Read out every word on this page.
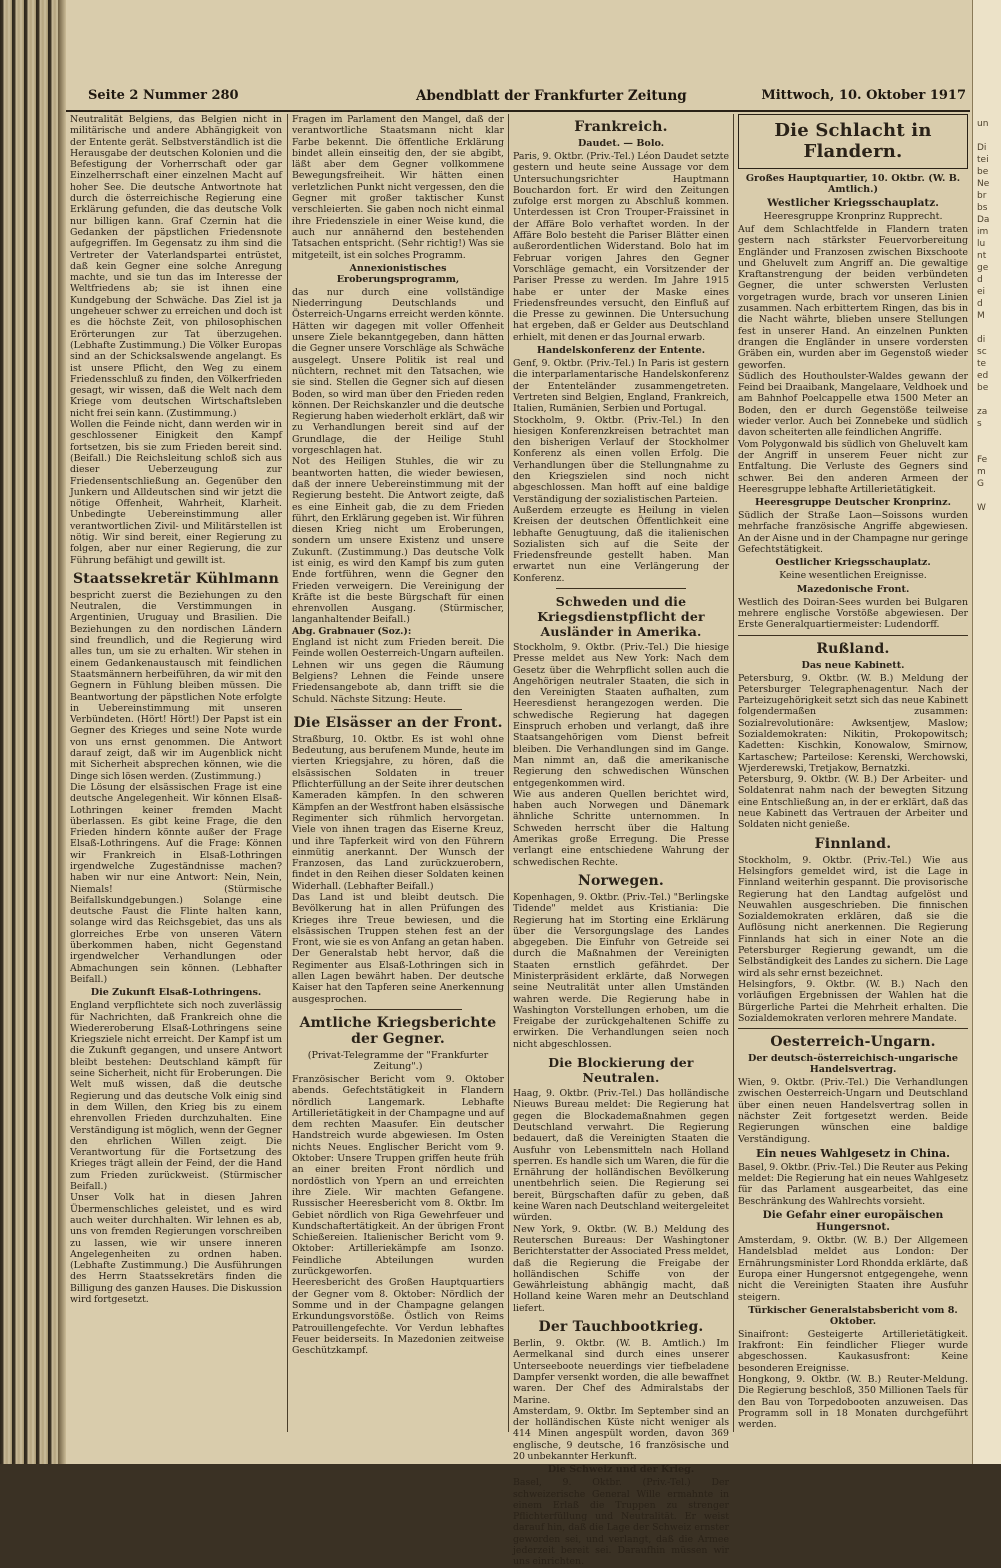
un

Di
tei
be
Ne
br
bs
Da
im
lu
nt
ge
d
ei
d
M

di
sc
te
ed
be

za
s

Fe
m
G

W
Seite 2 Nummer 280	Abendblatt der Frankfurter Zeitung	Mittwoch, 10. Oktober 1917

Neutralität Belgiens, das Belgien nicht in militärische und andere Abhängigkeit von der Entente gerät. Selbstverständlich ist die Herausgabe der deutschen Kolonien und die Befestigung der Vorherrschaft oder gar Einzelherrschaft einer einzelnen Macht auf hoher See. Die deutsche Antwortnote hat durch die österreichische Regierung eine Erklärung gefunden, die das deutsche Volk nur billigen kann. Graf Czernin hat die Gedanken der päpstlichen Friedensnote aufgegriffen. Im Gegensatz zu ihm sind die Vertreter der Vaterlandspartei entrüstet, daß kein Gegner eine solche Anregung machte, und sie tun das im Interesse der Weltfriedens ab; sie ist ihnen eine Kundgebung der Schwäche. Das Ziel ist ja ungeheuer schwer zu erreichen und doch ist es die höchste Zeit, von philosophischen Erörterungen zur Tat überzugehen. (Lebhafte Zustimmung.) Die Völker Europas sind an der Schicksalswende angelangt. Es ist unsere Pflicht, den Weg zu einem Friedensschluß zu finden, den Völkerfrieden gesagt, wir wissen, daß die Welt nach dem Kriege vom deutschen Wirtschaftsleben nicht frei sein kann. (Zustimmung.)

Wollen die Feinde nicht, dann werden wir in geschlossener Einigkeit den Kampf fortsetzen, bis sie zum Frieden bereit sind. (Beifall.) Die Reichsleitung schloß sich aus dieser Ueberzeugung zur Friedensentschließung an. Gegenüber den Junkern und Alldeutschen sind wir jetzt die nötige Offenheit, Wahrheit, Klarheit. Unbedingte Uebereinstimmung aller verantwortlichen Zivil- und Militärstellen ist nötig. Wir sind bereit, einer Regierung zu folgen, aber nur einer Regierung, die zur Führung befähigt und gewillt ist.

Staatssekretär Kühlmann

bespricht zuerst die Beziehungen zu den Neutralen, die Verstimmungen in Argentinien, Uruguay und Brasilien. Die Beziehungen zu den nordischen Ländern sind freundlich, und die Regierung wird alles tun, um sie zu erhalten. Wir stehen in einem Gedankenaustausch mit feindlichen Staatsmännern herbeiführen, da wir mit den Gegnern in Fühlung bleiben müssen. Die Beantwortung der päpstlichen Note erfolgte in Uebereinstimmung mit unseren Verbündeten. (Hört! Hört!) Der Papst ist ein Gegner des Krieges und seine Note wurde von uns ernst genommen. Die Antwort darauf zeigt, daß wir im Augenblick nicht mit Sicherheit absprechen können, wie die Dinge sich lösen werden. (Zustimmung.)

Die Lösung der elsässischen Frage ist eine deutsche Angelegenheit. Wir können Elsaß-Lothringen keiner fremden Macht überlassen. Es gibt keine Frage, die den Frieden hindern könnte außer der Frage Elsaß-Lothringens. Auf die Frage: Können wir Frankreich in Elsaß-Lothringen irgendwelche Zugeständnisse machen? haben wir nur eine Antwort: Nein, Nein, Niemals! (Stürmische Beifallskundgebungen.) Solange eine deutsche Faust die Flinte halten kann, solange wird das Reichsgebiet, das uns als glorreiches Erbe von unseren Vätern überkommen haben, nicht Gegenstand irgendwelcher Verhandlungen oder Abmachungen sein können. (Lebhafter Beifall.)

Die Zukunft Elsaß-Lothringens.

England verpflichtete sich noch zuverlässig für Nachrichten, daß Frankreich ohne die Wiedereroberung Elsaß-Lothringens seine Kriegsziele nicht erreicht. Der Kampf ist um die Zukunft gegangen, und unsere Antwort bleibt bestehen: Deutschland kämpft für seine Sicherheit, nicht für Eroberungen. Die Welt muß wissen, daß die deutsche Regierung und das deutsche Volk einig sind in dem Willen, den Krieg bis zu einem ehrenvollen Frieden durchzuhalten. Eine Verständigung ist möglich, wenn der Gegner den ehrlichen Willen zeigt. Die Verantwortung für die Fortsetzung des Krieges trägt allein der Feind, der die Hand zum Frieden zurückweist. (Stürmischer Beifall.)

Unser Volk hat in diesen Jahren Übermenschliches geleistet, und es wird auch weiter durchhalten. Wir lehnen es ab, uns von fremden Regierungen vorschreiben zu lassen, wie wir unsere inneren Angelegenheiten zu ordnen haben. (Lebhafte Zustimmung.) Die Ausführungen des Herrn Staatssekretärs finden die Billigung des ganzen Hauses. Die Diskussion wird fortgesetzt.

Fragen im Parlament den Mangel, daß der verantwortliche Staatsmann nicht klar Farbe bekennt. Die öffentliche Erklärung bindet allein einseitig den, der sie abgibt, läßt aber dem Gegner vollkommene Bewegungsfreiheit. Wir hätten einen verletzlichen Punkt nicht vergessen, den die Gegner mit großer taktischer Kunst verschleierten. Sie gaben noch nicht einmal ihre Friedensziele in einer Weise kund, die auch nur annähernd den bestehenden Tatsachen entspricht. (Sehr richtig!) Was sie mitgeteilt, ist ein solches Programm.

Annexionistisches Eroberungsprogramm,

das nur durch eine vollständige Niederringung Deutschlands und Österreich-Ungarns erreicht werden könnte. Hätten wir dagegen mit voller Offenheit unsere Ziele bekanntgegeben, dann hätten die Gegner unsere Vorschläge als Schwäche ausgelegt. Unsere Politik ist real und nüchtern, rechnet mit den Tatsachen, wie sie sind. Stellen die Gegner sich auf diesen Boden, so wird man über den Frieden reden können. Der Reichskanzler und die deutsche Regierung haben wiederholt erklärt, daß wir zu Verhandlungen bereit sind auf der Grundlage, die der Heilige Stuhl vorgeschlagen hat.

Not des Heiligen Stuhles, die wir zu beantworten hatten, die wieder bewiesen, daß der innere Uebereinstimmung mit der Regierung besteht. Die Antwort zeigte, daß es eine Einheit gab, die zu dem Frieden führt, den Erklärung gegeben ist. Wir führen diesen Krieg nicht um Eroberungen, sondern um unsere Existenz und unsere Zukunft. (Zustimmung.) Das deutsche Volk ist einig, es wird den Kampf bis zum guten Ende fortführen, wenn die Gegner den Frieden verweigern. Die Vereinigung der Kräfte ist die beste Bürgschaft für einen ehrenvollen Ausgang. (Stürmischer, langanhaltender Beifall.)

Abg. Grabnauer (Soz.):

England ist nicht zum Frieden bereit. Die Feinde wollen Oesterreich-Ungarn aufteilen. Lehnen wir uns gegen die Räumung Belgiens? Lehnen die Feinde unsere Friedensangebote ab, dann trifft sie die Schuld. Nächste Sitzung: Heute.

Die Elsässer an der Front.

Straßburg, 10. Oktbr. Es ist wohl ohne Bedeutung, aus berufenem Munde, heute im vierten Kriegsjahre, zu hören, daß die elsässischen Soldaten in treuer Pflichterfüllung an der Seite ihrer deutschen Kameraden kämpfen. In den schweren Kämpfen an der Westfront haben elsässische Regimenter sich rühmlich hervorgetan. Viele von ihnen tragen das Eiserne Kreuz, und ihre Tapferkeit wird von den Führern einmütig anerkannt. Der Wunsch der Franzosen, das Land zurückzuerobern, findet in den Reihen dieser Soldaten keinen Widerhall. (Lebhafter Beifall.)

Das Land ist und bleibt deutsch. Die Bevölkerung hat in allen Prüfungen des Krieges ihre Treue bewiesen, und die elsässischen Truppen stehen fest an der Front, wie sie es von Anfang an getan haben. Der Generalstab hebt hervor, daß die Regimenter aus Elsaß-Lothringen sich in allen Lagen bewährt haben. Der deutsche Kaiser hat den Tapferen seine Anerkennung ausgesprochen.

Amtliche Kriegsberichte der Gegner.
(Privat-Telegramme der "Frankfurter Zeitung".)

Französischer Bericht vom 9. Oktober abends. Gefechtstätigkeit in Flandern nördlich Langemark. Lebhafte Artillerietätigkeit in der Champagne und auf dem rechten Maasufer. Ein deutscher Handstreich wurde abgewiesen. Im Osten nichts Neues. Englischer Bericht vom 9. Oktober: Unsere Truppen griffen heute früh an einer breiten Front nördlich und nordöstlich von Ypern an und erreichten ihre Ziele. Wir machten Gefangene. Russischer Heeresbericht vom 8. Oktbr. Im Gebiet nördlich von Riga Gewehrfeuer und Kundschaftertätigkeit. An der übrigen Front Schießereien. Italienischer Bericht vom 9. Oktober: Artilleriekämpfe am Isonzo. Feindliche Abteilungen wurden zurückgeworfen.

Heeresbericht des Großen Hauptquartiers der Gegner vom 8. Oktober: Nördlich der Somme und in der Champagne gelangen Erkundungsvorstöße. Östlich von Reims Patrouillengefechte. Vor Verdun lebhaftes Feuer beiderseits. In Mazedonien zeitweise Geschützkampf.

Frankreich.
Daudet. — Bolo.

Paris, 9. Oktbr. (Priv.-Tel.) Léon Daudet setzte gestern und heute seine Aussage vor dem Untersuchungsrichter Hauptmann Bouchardon fort. Er wird den Zeitungen zufolge erst morgen zu Abschluß kommen. Unterdessen ist Cron Trouper-Fraissinet in der Affäre Bolo verhaftet worden. In der Affäre Bolo besteht die Pariser Blätter einen außerordentlichen Widerstand. Bolo hat im Februar vorigen Jahres den Gegner Vorschläge gemacht, ein Vorsitzender der Pariser Presse zu werden. Im Jahre 1915 habe er unter der Maske eines Friedensfreundes versucht, den Einfluß auf die Presse zu gewinnen. Die Untersuchung hat ergeben, daß er Gelder aus Deutschland erhielt, mit denen er das Journal erwarb.

Handelskonferenz der Entente.

Genf, 9. Oktbr. (Priv.-Tel.) In Paris ist gestern die interparlamentarische Handelskonferenz der Ententeländer zusammengetreten. Vertreten sind Belgien, England, Frankreich, Italien, Rumänien, Serbien und Portugal.

Stockholm, 9. Oktbr. (Priv.-Tel.) In den hiesigen Konferenzkreisen betrachtet man den bisherigen Verlauf der Stockholmer Konferenz als einen vollen Erfolg. Die Verhandlungen über die Stellungnahme zu den Kriegszielen sind noch nicht abgeschlossen. Man hofft auf eine baldige Verständigung der sozialistischen Parteien.

Außerdem erzeugte es Heilung in vielen Kreisen der deutschen Öffentlichkeit eine lebhafte Genugtuung, daß die italienischen Sozialisten sich auf die Seite der Friedensfreunde gestellt haben. Man erwartet nun eine Verlängerung der Konferenz.

Schweden und die Kriegsdienstpflicht der Ausländer in Amerika.

Stockholm, 9. Oktbr. (Priv.-Tel.) Die hiesige Presse meldet aus New York: Nach dem Gesetz über die Wehrpflicht sollen auch die Angehörigen neutraler Staaten, die sich in den Vereinigten Staaten aufhalten, zum Heeresdienst herangezogen werden. Die schwedische Regierung hat dagegen Einspruch erhoben und verlangt, daß ihre Staatsangehörigen vom Dienst befreit bleiben. Die Verhandlungen sind im Gange. Man nimmt an, daß die amerikanische Regierung den schwedischen Wünschen entgegenkommen wird.

Wie aus anderen Quellen berichtet wird, haben auch Norwegen und Dänemark ähnliche Schritte unternommen. In Schweden herrscht über die Haltung Amerikas große Erregung. Die Presse verlangt eine entschiedene Wahrung der schwedischen Rechte.

Norwegen.

Kopenhagen, 9. Oktbr. (Priv.-Tel.) "Berlingske Tidende" meldet aus Kristiania: Die Regierung hat im Storting eine Erklärung über die Versorgungslage des Landes abgegeben. Die Einfuhr von Getreide sei durch die Maßnahmen der Vereinigten Staaten ernstlich gefährdet. Der Ministerpräsident erklärte, daß Norwegen seine Neutralität unter allen Umständen wahren werde. Die Regierung habe in Washington Vorstellungen erhoben, um die Freigabe der zurückgehaltenen Schiffe zu erwirken. Die Verhandlungen seien noch nicht abgeschlossen.

Die Blockierung der Neutralen.

Haag, 9. Oktbr. (Priv.-Tel.) Das holländische Nieuws Bureau meldet: Die Regierung hat gegen die Blockademaßnahmen gegen Deutschland verwahrt. Die Regierung bedauert, daß die Vereinigten Staaten die Ausfuhr von Lebensmitteln nach Holland sperren. Es handle sich um Waren, die für die Ernährung der holländischen Bevölkerung unentbehrlich seien. Die Regierung sei bereit, Bürgschaften dafür zu geben, daß keine Waren nach Deutschland weitergeleitet würden.

New York, 9. Oktbr. (W. B.) Meldung des Reuterschen Bureaus: Der Washingtoner Berichterstatter der Associated Press meldet, daß die Regierung die Freigabe der holländischen Schiffe von der Gewährleistung abhängig macht, daß Holland keine Waren mehr an Deutschland liefert.

Der Tauchbootkrieg.

Berlin, 9. Oktbr. (W. B. Amtlich.) Im Aermelkanal sind durch eines unserer Unterseeboote neuerdings vier tiefbeladene Dampfer versenkt worden, die alle bewaffnet waren. Der Chef des Admiralstabs der Marine.

Amsterdam, 9. Oktbr. Im September sind an der holländischen Küste nicht weniger als 414 Minen angespült worden, davon 369 englische, 9 deutsche, 16 französische und 20 unbekannter Herkunft.

Die Schweiz und der Krieg.

Basel, 9. Oktbr. (Priv.-Tel.) Der schweizerische General Wille ermahnte in einem Erlaß die Truppen zu strenger Pflichterfüllung und Neutralität. Er weist darauf hin, daß die Lage der Schweiz ernster geworden sei, und verlangt, daß die Armee jederzeit bereit sei. Daraufhin müssen wir uns einrichten.

Die Schlacht in Flandern.
Großes Hauptquartier, 10. Oktbr. (W. B. Amtlich.)
Westlicher Kriegsschauplatz.
Heeresgruppe Kronprinz Rupprecht.

Auf dem Schlachtfelde in Flandern traten gestern nach stärkster Feuervorbereitung Engländer und Franzosen zwischen Bixschoote und Gheluvelt zum Angriff an. Die gewaltige Kraftanstrengung der beiden verbündeten Gegner, die unter schwersten Verlusten vorgetragen wurde, brach vor unseren Linien zusammen. Nach erbittertem Ringen, das bis in die Nacht währte, blieben unsere Stellungen fest in unserer Hand. An einzelnen Punkten drangen die Engländer in unsere vordersten Gräben ein, wurden aber im Gegenstoß wieder geworfen.

Südlich des Houthoulster-Waldes gewann der Feind bei Draaibank, Mangelaare, Veldhoek und am Bahnhof Poelcappelle etwa 1500 Meter an Boden, den er durch Gegenstöße teilweise wieder verlor. Auch bei Zonnebeke und südlich davon scheiterten alle feindlichen Angriffe.

Vom Polygonwald bis südlich von Gheluvelt kam der Angriff in unserem Feuer nicht zur Entfaltung. Die Verluste des Gegners sind schwer. Bei den anderen Armeen der Heeresgruppe lebhafte Artillerietätigkeit.

Heeresgruppe Deutscher Kronprinz.

Südlich der Straße Laon—Soissons wurden mehrfache französische Angriffe abgewiesen. An der Aisne und in der Champagne nur geringe Gefechtstätigkeit.

Oestlicher Kriegsschauplatz.

Keine wesentlichen Ereignisse.

Mazedonische Front.

Westlich des Doiran-Sees wurden bei Bulgaren mehrere englische Vorstöße abgewiesen. Der Erste Generalquartiermeister: Ludendorff.

Rußland.
Das neue Kabinett.

Petersburg, 9. Oktbr. (W. B.) Meldung der Petersburger Telegraphenagentur. Nach der Parteizugehörigkeit setzt sich das neue Kabinett folgendermaßen zusammen: Sozialrevolutionäre: Awksentjew, Maslow; Sozialdemokraten: Nikitin, Prokopowitsch; Kadetten: Kischkin, Konowalow, Smirnow, Kartaschew; Parteilose: Kerenski, Werchowski, Wjerderewski, Tretjakow, Bernatzki.

Petersburg, 9. Oktbr. (W. B.) Der Arbeiter- und Soldatenrat nahm nach der bewegten Sitzung eine Entschließung an, in der er erklärt, daß das neue Kabinett das Vertrauen der Arbeiter und Soldaten nicht genieße.

Finnland.

Stockholm, 9. Oktbr. (Priv.-Tel.) Wie aus Helsingfors gemeldet wird, ist die Lage in Finnland weiterhin gespannt. Die provisorische Regierung hat den Landtag aufgelöst und Neuwahlen ausgeschrieben. Die finnischen Sozialdemokraten erklären, daß sie die Auflösung nicht anerkennen. Die Regierung Finnlands hat sich in einer Note an die Petersburger Regierung gewandt, um die Selbständigkeit des Landes zu sichern. Die Lage wird als sehr ernst bezeichnet.

Helsingfors, 9. Oktbr. (W. B.) Nach den vorläufigen Ergebnissen der Wahlen hat die Bürgerliche Partei die Mehrheit erhalten. Die Sozialdemokraten verloren mehrere Mandate.

Oesterreich-Ungarn.
Der deutsch-österreichisch-ungarische Handelsvertrag.

Wien, 9. Oktbr. (Priv.-Tel.) Die Verhandlungen zwischen Oesterreich-Ungarn und Deutschland über einen neuen Handelsvertrag sollen in nächster Zeit fortgesetzt werden. Beide Regierungen wünschen eine baldige Verständigung.

Ein neues Wahlgesetz in China.

Basel, 9. Oktbr. (Priv.-Tel.) Die Reuter aus Peking meldet: Die Regierung hat ein neues Wahlgesetz für das Parlament ausgearbeitet, das eine Beschränkung des Wahlrechts vorsieht.

Die Gefahr einer europäischen Hungersnot.

Amsterdam, 9. Oktbr. (W. B.) Der Allgemeen Handelsblad meldet aus London: Der Ernährungsminister Lord Rhondda erklärte, daß Europa einer Hungersnot entgegengehe, wenn nicht die Vereinigten Staaten ihre Ausfuhr steigern.

Türkischer Generalstabsbericht vom 8. Oktober.

Sinaifront: Gesteigerte Artillerietätigkeit. Irakfront: Ein feindlicher Flieger wurde abgeschossen. Kaukasusfront: Keine besonderen Ereignisse.

Hongkong, 9. Oktbr. (W. B.) Reuter-Meldung. Die Regierung beschloß, 350 Millionen Taels für den Bau von Torpedobooten anzuweisen. Das Programm soll in 18 Monaten durchgeführt werden.
